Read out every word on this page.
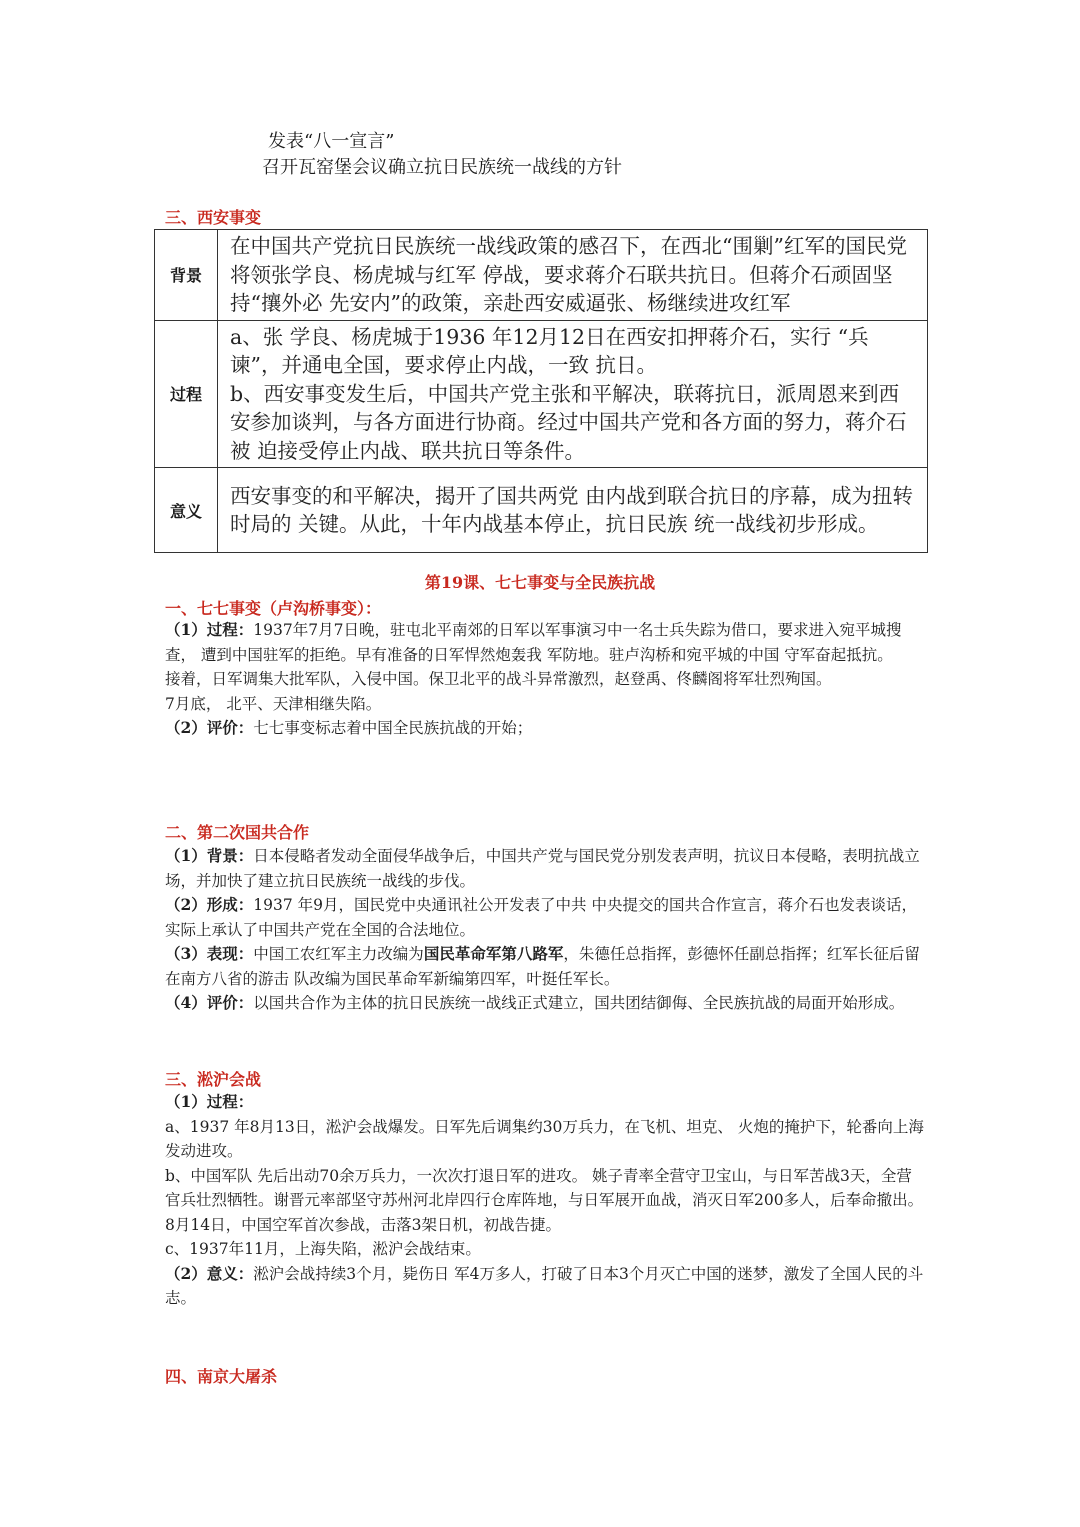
发表“八一宣言”
召开瓦窑堡会议确立抗日民族统一战线的方针
三、西安事变
背景	在中国共产党抗日民族统一战线政策的感召下，在西北“围剿”红军的国民党将领张学良、杨虎城与红军 停战，要求蒋介石联共抗日。但蒋介石顽固坚持“攘外必 先安内”的政策，亲赴西安威逼张、杨继续进攻红军
过程	a、张 学良、杨虎城于1936 年12月12日在西安扣押蒋介石，实行 “兵谏”，并通电全国，要求停止内战，一致 抗日。
b、西安事变发生后，中国共产党主张和平解决，联蒋抗日，派周恩来到西安参加谈判，与各方面进行协商。经过中国共产党和各方面的努力，蒋介石被 迫接受停止内战、联共抗日等条件。

意义	西安事变的和平解决，揭开了国共两党 由内战到联合抗日的序幕，成为扭转时局的 关键。从此，十年内战基本停止，抗日民族 统一战线初步形成。
第19课、七七事变与全民族抗战
一、七七事变（卢沟桥事变）：

（1）过程：1937年7月7日晚，驻屯北平南郊的日军以军事演习中一名士兵失踪为借口，要求进入宛平城搜查， 遭到中国驻军的拒绝。早有准备的日军悍然炮轰我 军防地。驻卢沟桥和宛平城的中国 守军奋起抵抗。

接着，日军调集大批军队，入侵中国。保卫北平的战斗异常激烈，赵登禹、佟麟阁将军壮烈殉国。

7月底， 北平、天津相继失陷。

（2）评价：七七事变标志着中国全民族抗战的开始；

二、第二次国共合作

（1）背景：日本侵略者发动全面侵华战争后，中国共产党与国民党分别发表声明，抗议日本侵略，表明抗战立场，并加快了建立抗日民族统一战线的步伐。

（2）形成：1937 年9月，国民党中央通讯社公开发表了中共 中央提交的国共合作宣言，蒋介石也发表谈话，实际上承认了中国共产党在全国的合法地位。

（3）表现：中国工农红军主力改编为国民革命军第八路军，朱德任总指挥，彭德怀任副总指挥；红军长征后留在南方八省的游击 队改编为国民革命军新编第四军，叶挺任军长。

（4）评价：以国共合作为主体的抗日民族统一战线正式建立，国共团结御侮、全民族抗战的局面开始形成。

三、淞沪会战

（1）过程：

a、1937 年8月13日，淞沪会战爆发。日军先后调集约30万兵力，在飞机、坦克、 火炮的掩护下，轮番向上海发动进攻。

b、中国军队 先后出动70余万兵力，一次次打退日军的进攻。 姚子青率全营守卫宝山，与日军苦战3天，全营官兵壮烈牺牲。谢晋元率部坚守苏州河北岸四行仓库阵地，与日军展开血战，消灭日军200多人，后奉命撤出。 8月14日，中国空军首次参战，击落3架日机，初战告捷。

c、1937年11月，上海失陷，淞沪会战结束。

（2）意义：淞沪会战持续3个月，毙伤日 军4万多人，打破了日本3个月灭亡中国的迷梦，激发了全国人民的斗志。

四、南京大屠杀
